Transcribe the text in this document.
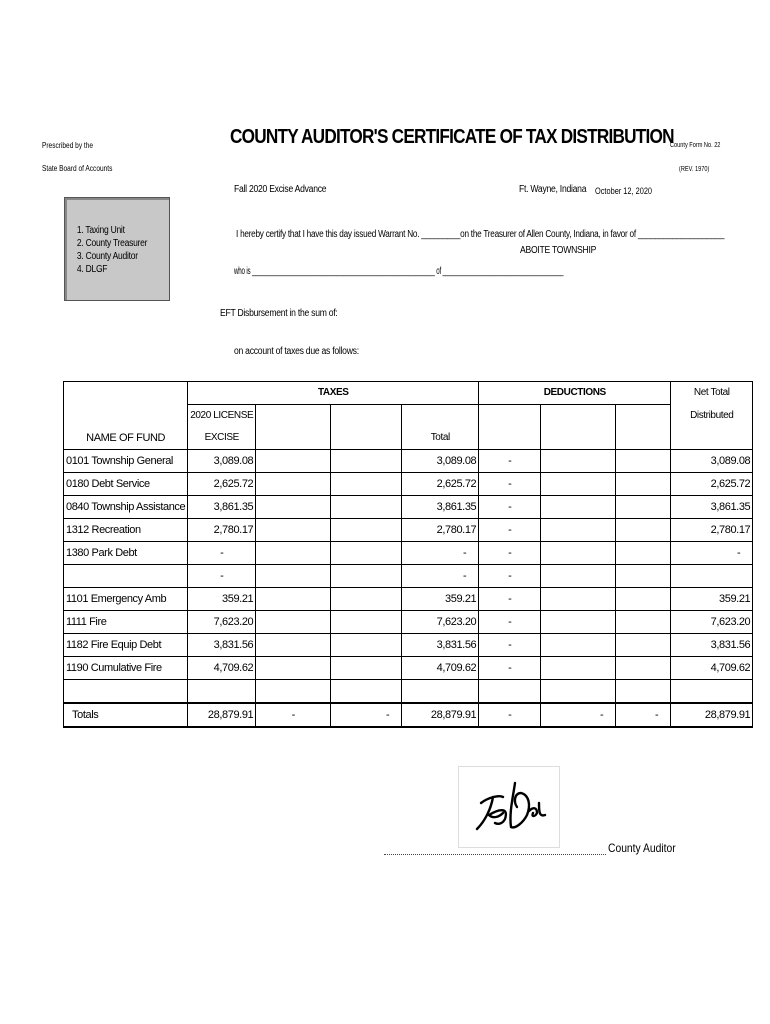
Prescribed by the
State Board of Accounts
COUNTY AUDITOR'S CERTIFICATE OF TAX DISTRIBUTION
County Form No. 22
(REV. 1970)
Fall 2020 Excise Advance	Ft. Wayne, Indiana October 12, 2020
1. Taxing Unit
2. County Treasurer
3. County Auditor
4. DLGF
I hereby certify that I have this day issued Warrant No. _________on the Treasurer of Allen County, Indiana, in favor of ____________________
ABOITE TOWNSHIP
who is ________________________________________________________ of _____________________________________
EFT Disbursement in the sum of:
on account of taxes due as follows:
	TAXES				DEDUCTIONS			Net Total
	2020 LICENSE							Distributed
NAME OF FUND	EXCISE			Total				
0101 Township General	3,089.08			3,089.08	-			3,089.08
0180 Debt Service	2,625.72			2,625.72	-			2,625.72
0840 Township Assistance	3,861.35			3,861.35	-			3,861.35
1312 Recreation	2,780.17			2,780.17	-			2,780.17
1380 Park Debt	-			-	-			-
	-			-	-			
1101 Emergency Amb	359.21			359.21	-			359.21
1111 Fire	7,623.20			7,623.20	-			7,623.20
1182 Fire Equip Debt	3,831.56			3,831.56	-			3,831.56
1190 Cumulative Fire	4,709.62			4,709.62	-			4,709.62

Totals	28,879.91	-	-	28,879.91	-	-	-	28,879.91
County Auditor
